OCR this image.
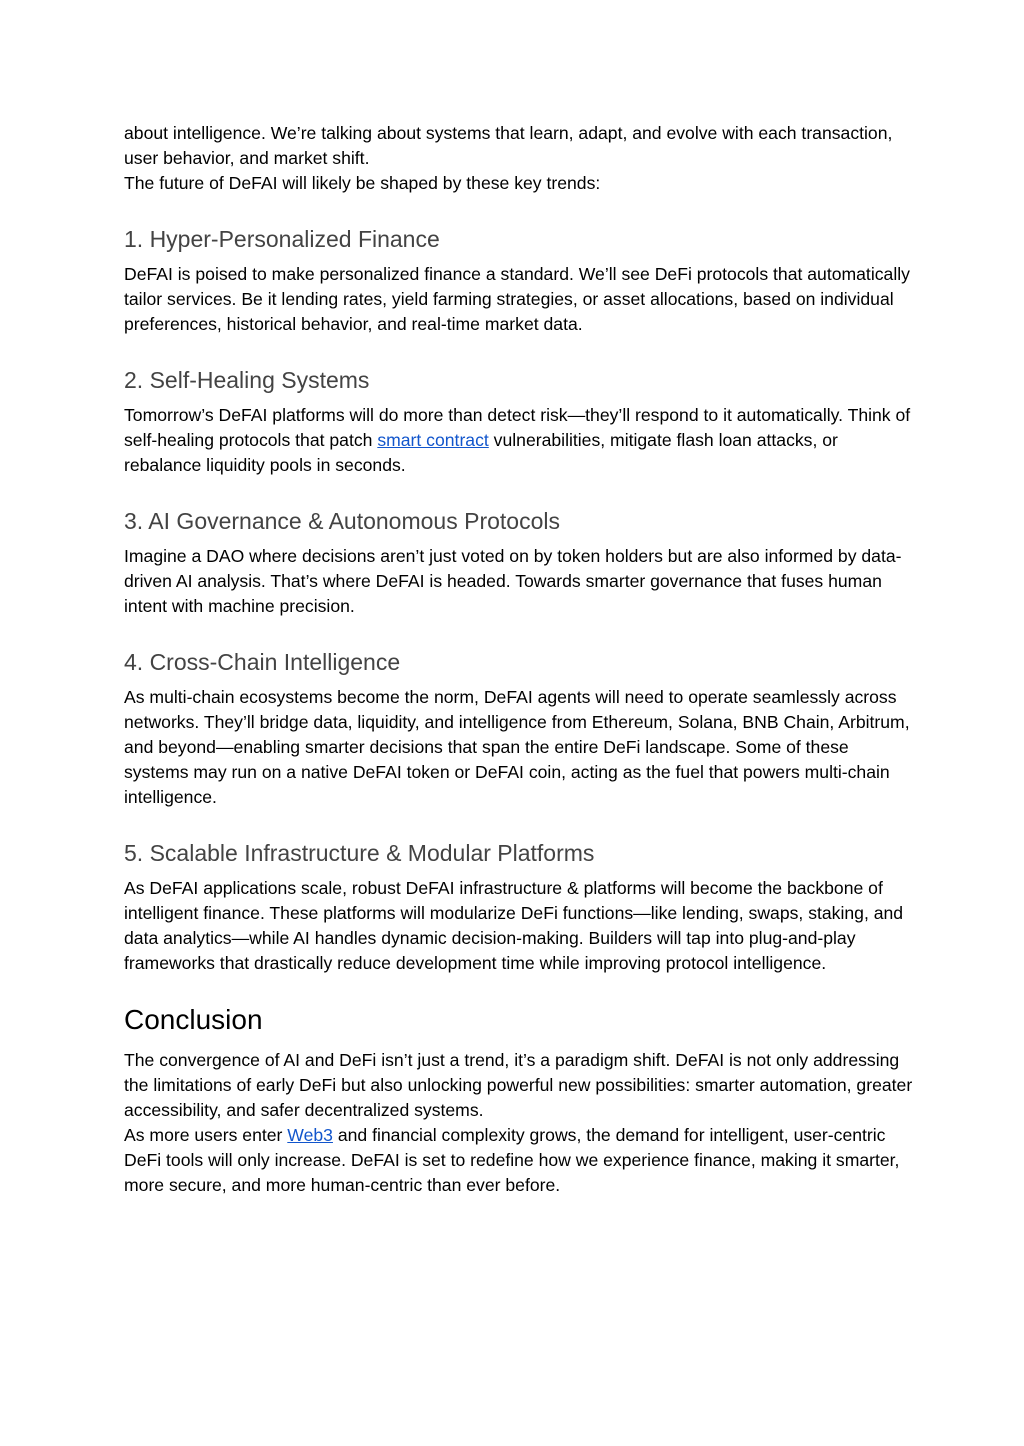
about intelligence. We’re talking about systems that learn, adapt, and evolve with each transaction, user behavior, and market shift.

The future of DeFAI will likely be shaped by these key trends:

1. Hyper-Personalized Finance

DeFAI is poised to make personalized finance a standard. We’ll see DeFi protocols that automatically tailor services. Be it lending rates, yield farming strategies, or asset allocations, based on individual preferences, historical behavior, and real-time market data.

2. Self-Healing Systems

Tomorrow’s DeFAI platforms will do more than detect risk—they’ll respond to it automatically. Think of self-healing protocols that patch smart contract vulnerabilities, mitigate flash loan attacks, or rebalance liquidity pools in seconds.

3. AI Governance & Autonomous Protocols

Imagine a DAO where decisions aren’t just voted on by token holders but are also informed by data-driven AI analysis. That’s where DeFAI is headed. Towards smarter governance that fuses human intent with machine precision.

4. Cross-Chain Intelligence

As multi-chain ecosystems become the norm, DeFAI agents will need to operate seamlessly across networks. They’ll bridge data, liquidity, and intelligence from Ethereum, Solana, BNB Chain, Arbitrum, and beyond—enabling smarter decisions that span the entire DeFi landscape. Some of these systems may run on a native DeFAI token or DeFAI coin, acting as the fuel that powers multi-chain intelligence.

5. Scalable Infrastructure & Modular Platforms

As DeFAI applications scale, robust DeFAI infrastructure & platforms will become the backbone of intelligent finance. These platforms will modularize DeFi functions—like lending, swaps, staking, and data analytics—while AI handles dynamic decision-making. Builders will tap into plug-and-play frameworks that drastically reduce development time while improving protocol intelligence.

Conclusion

The convergence of AI and DeFi isn’t just a trend, it’s a paradigm shift. DeFAI is not only addressing the limitations of early DeFi but also unlocking powerful new possibilities: smarter automation, greater accessibility, and safer decentralized systems.

As more users enter Web3 and financial complexity grows, the demand for intelligent, user-centric DeFi tools will only increase. DeFAI is set to redefine how we experience finance, making it smarter, more secure, and more human-centric than ever before.
